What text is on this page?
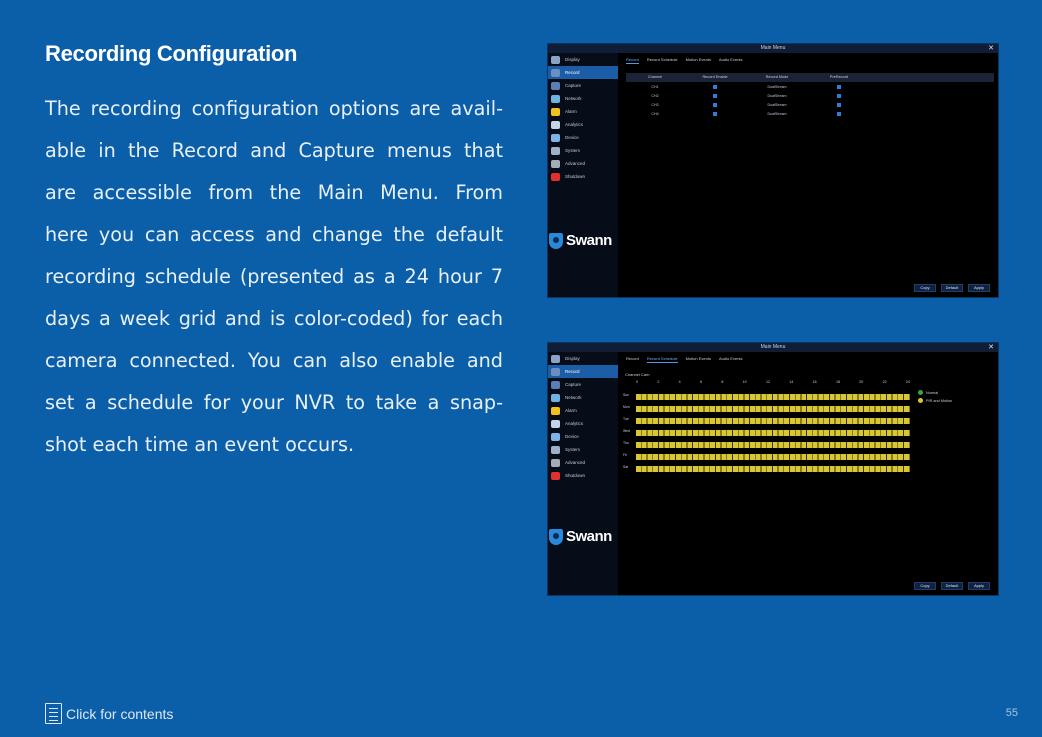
Recording Configuration
The recording configuration options are avail-
able in the Record and Capture menus that
are accessible from the Main Menu. From
here you can access and change the default
recording schedule (presented as a 24 hour 7
days a week grid and is color-coded) for each
camera connected. You can also enable and
set a schedule for your NVR to take a snap-
shot each time an event occurs.
Main Menu	✕
Display
Record
Capture
Network
Alarm
Analytics
Device
System
Advanced
Shutdown
Swann
Record Record Schedule Motion Events Audio Events
Channel	Record Enable	Record Mode	PreRecord
CH1	DualStream
CH2	DualStream
CH3	DualStream
CH4	DualStream
Copy	Default	Apply
Main Menu	✕
Display
Record
Capture
Network
Alarm
Analytics
Device
System
Advanced
Shutdown
Swann
Record Record Schedule Motion Events Audio Events
Channel Cam
0	2	4	6	8	10	12	14	16	18	20	22	24
Sun
Mon
Tue
Wed
Thu
Fri
Sat
Normal
PIR and Motion
Copy	Default	Apply
Click for contents	55
